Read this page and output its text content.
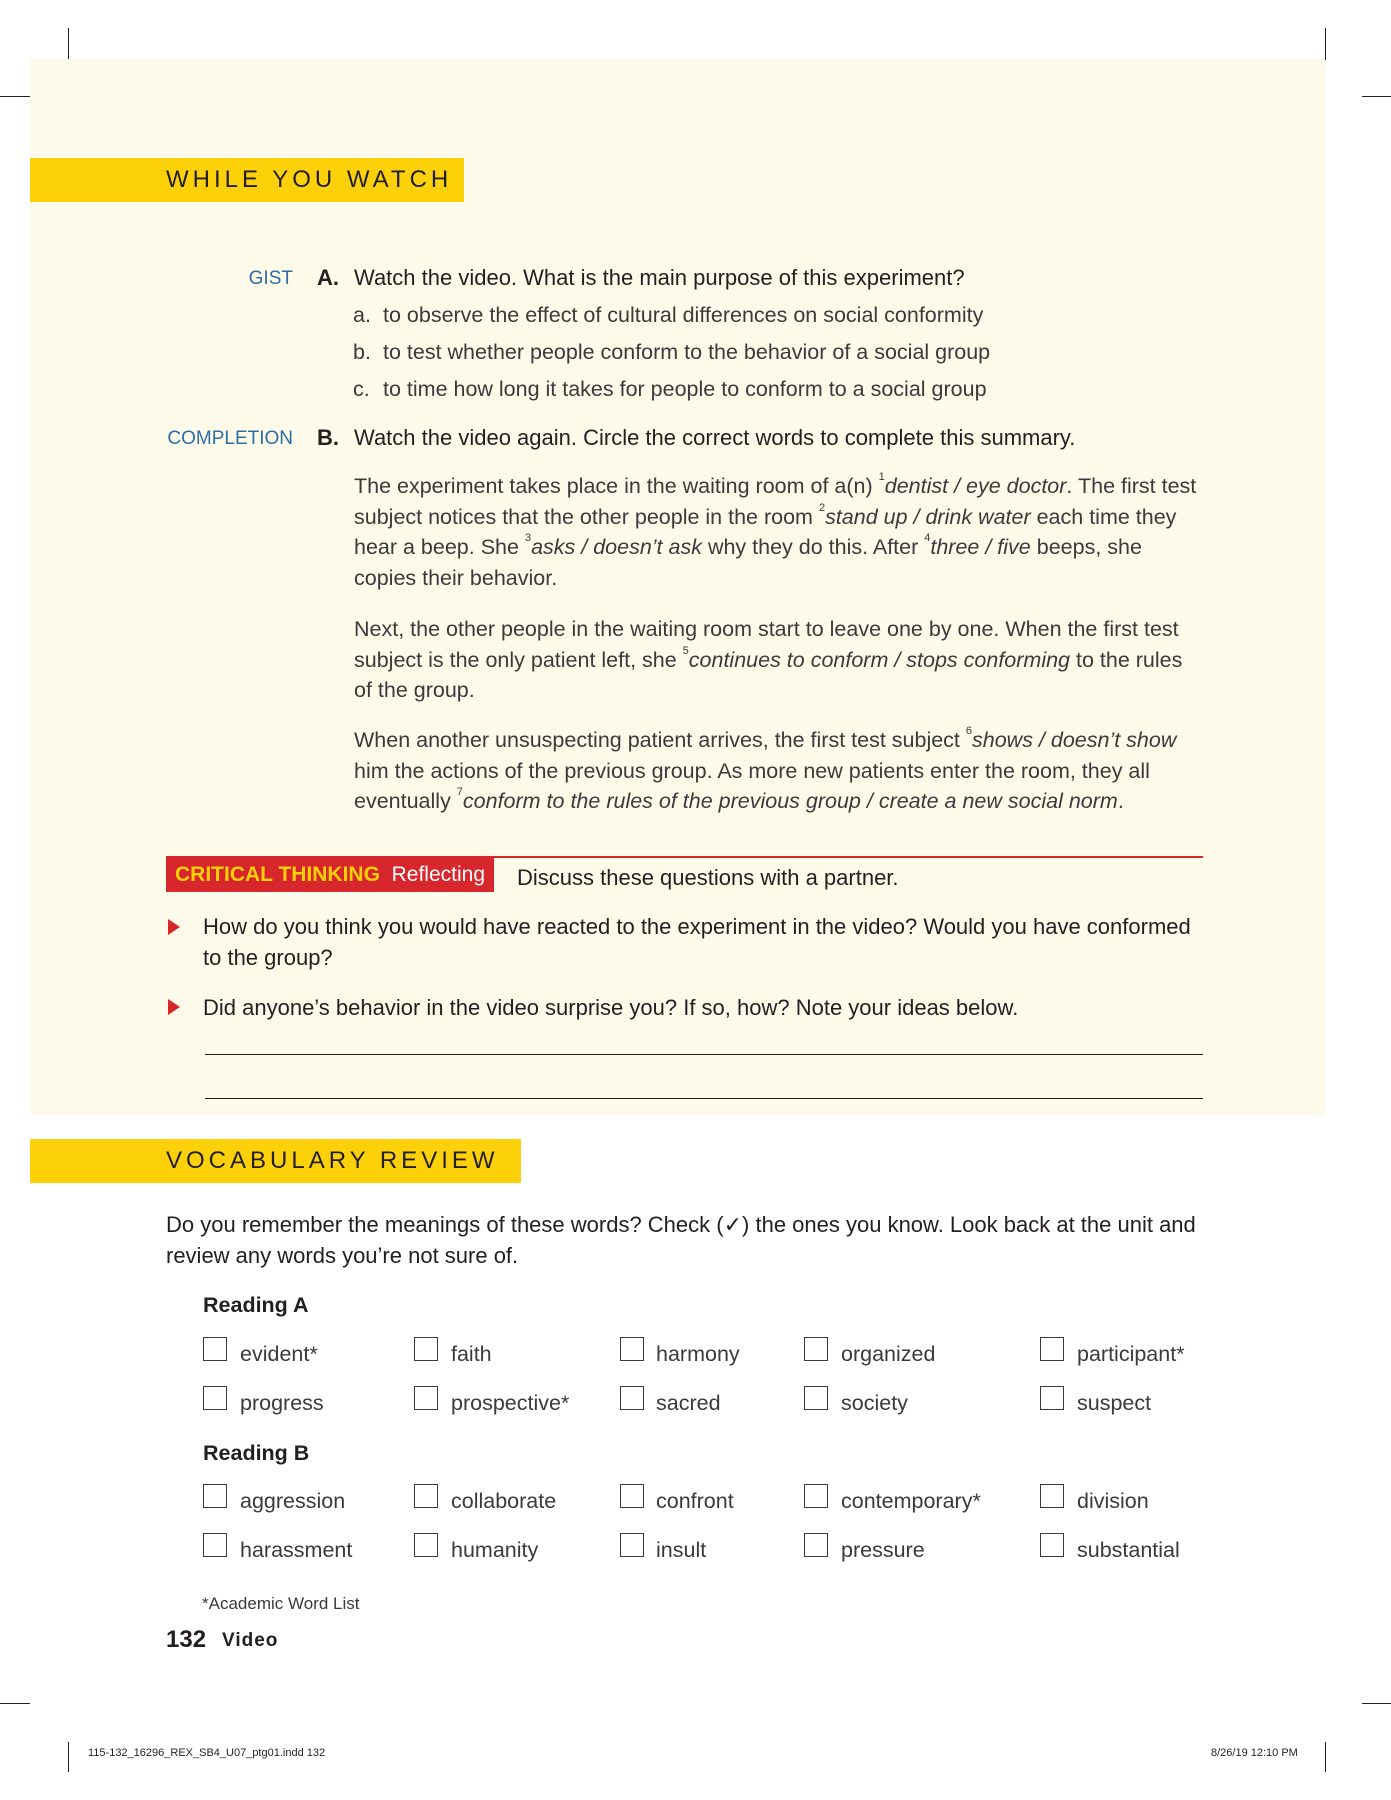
WHILE YOU WATCH
GIST A. Watch the video. What is the main purpose of this experiment?
a. to observe the effect of cultural differences on social conformity
b. to test whether people conform to the behavior of a social group
c. to time how long it takes for people to conform to a social group
COMPLETION B. Watch the video again. Circle the correct words to complete this summary.
The experiment takes place in the waiting room of a(n) $^1$dentist / eye doctor. The first test subject notices that the other people in the room $^2$stand up / drink water each time they hear a beep. She $^3$asks / doesn’t ask why they do this. After $^4$three / five beeps, she copies their behavior.
Next, the other people in the waiting room start to leave one by one. When the first test subject is the only patient left, she $^5$continues to conform / stops conforming to the rules of the group.
When another unsuspecting patient arrives, the first test subject $^6$shows / doesn’t show him the actions of the previous group. As more new patients enter the room, they all eventually $^7$conform to the rules of the previous group / create a new social norm.
CRITICAL THINKING Reflecting	Discuss these questions with a partner.
How do you think you would have reacted to the experiment in the video? Would you have conformed to the group?
Did anyone’s behavior in the video surprise you? If so, how? Note your ideas below.
VOCABULARY REVIEW
Do you remember the meanings of these words? Check (✓) the ones you know. Look back at the unit and review any words you’re not sure of.
Reading A
evident*	faith	harmony	organized	participant*
progress	prospective*	sacred	society	suspect
Reading B
aggression	collaborate	confront	contemporary*	division
harassment	humanity	insult	pressure	substantial
*Academic Word List
132 Video
115-132_16296_REX_SB4_U07_ptg01.indd 132	8/26/19 12:10 PM
